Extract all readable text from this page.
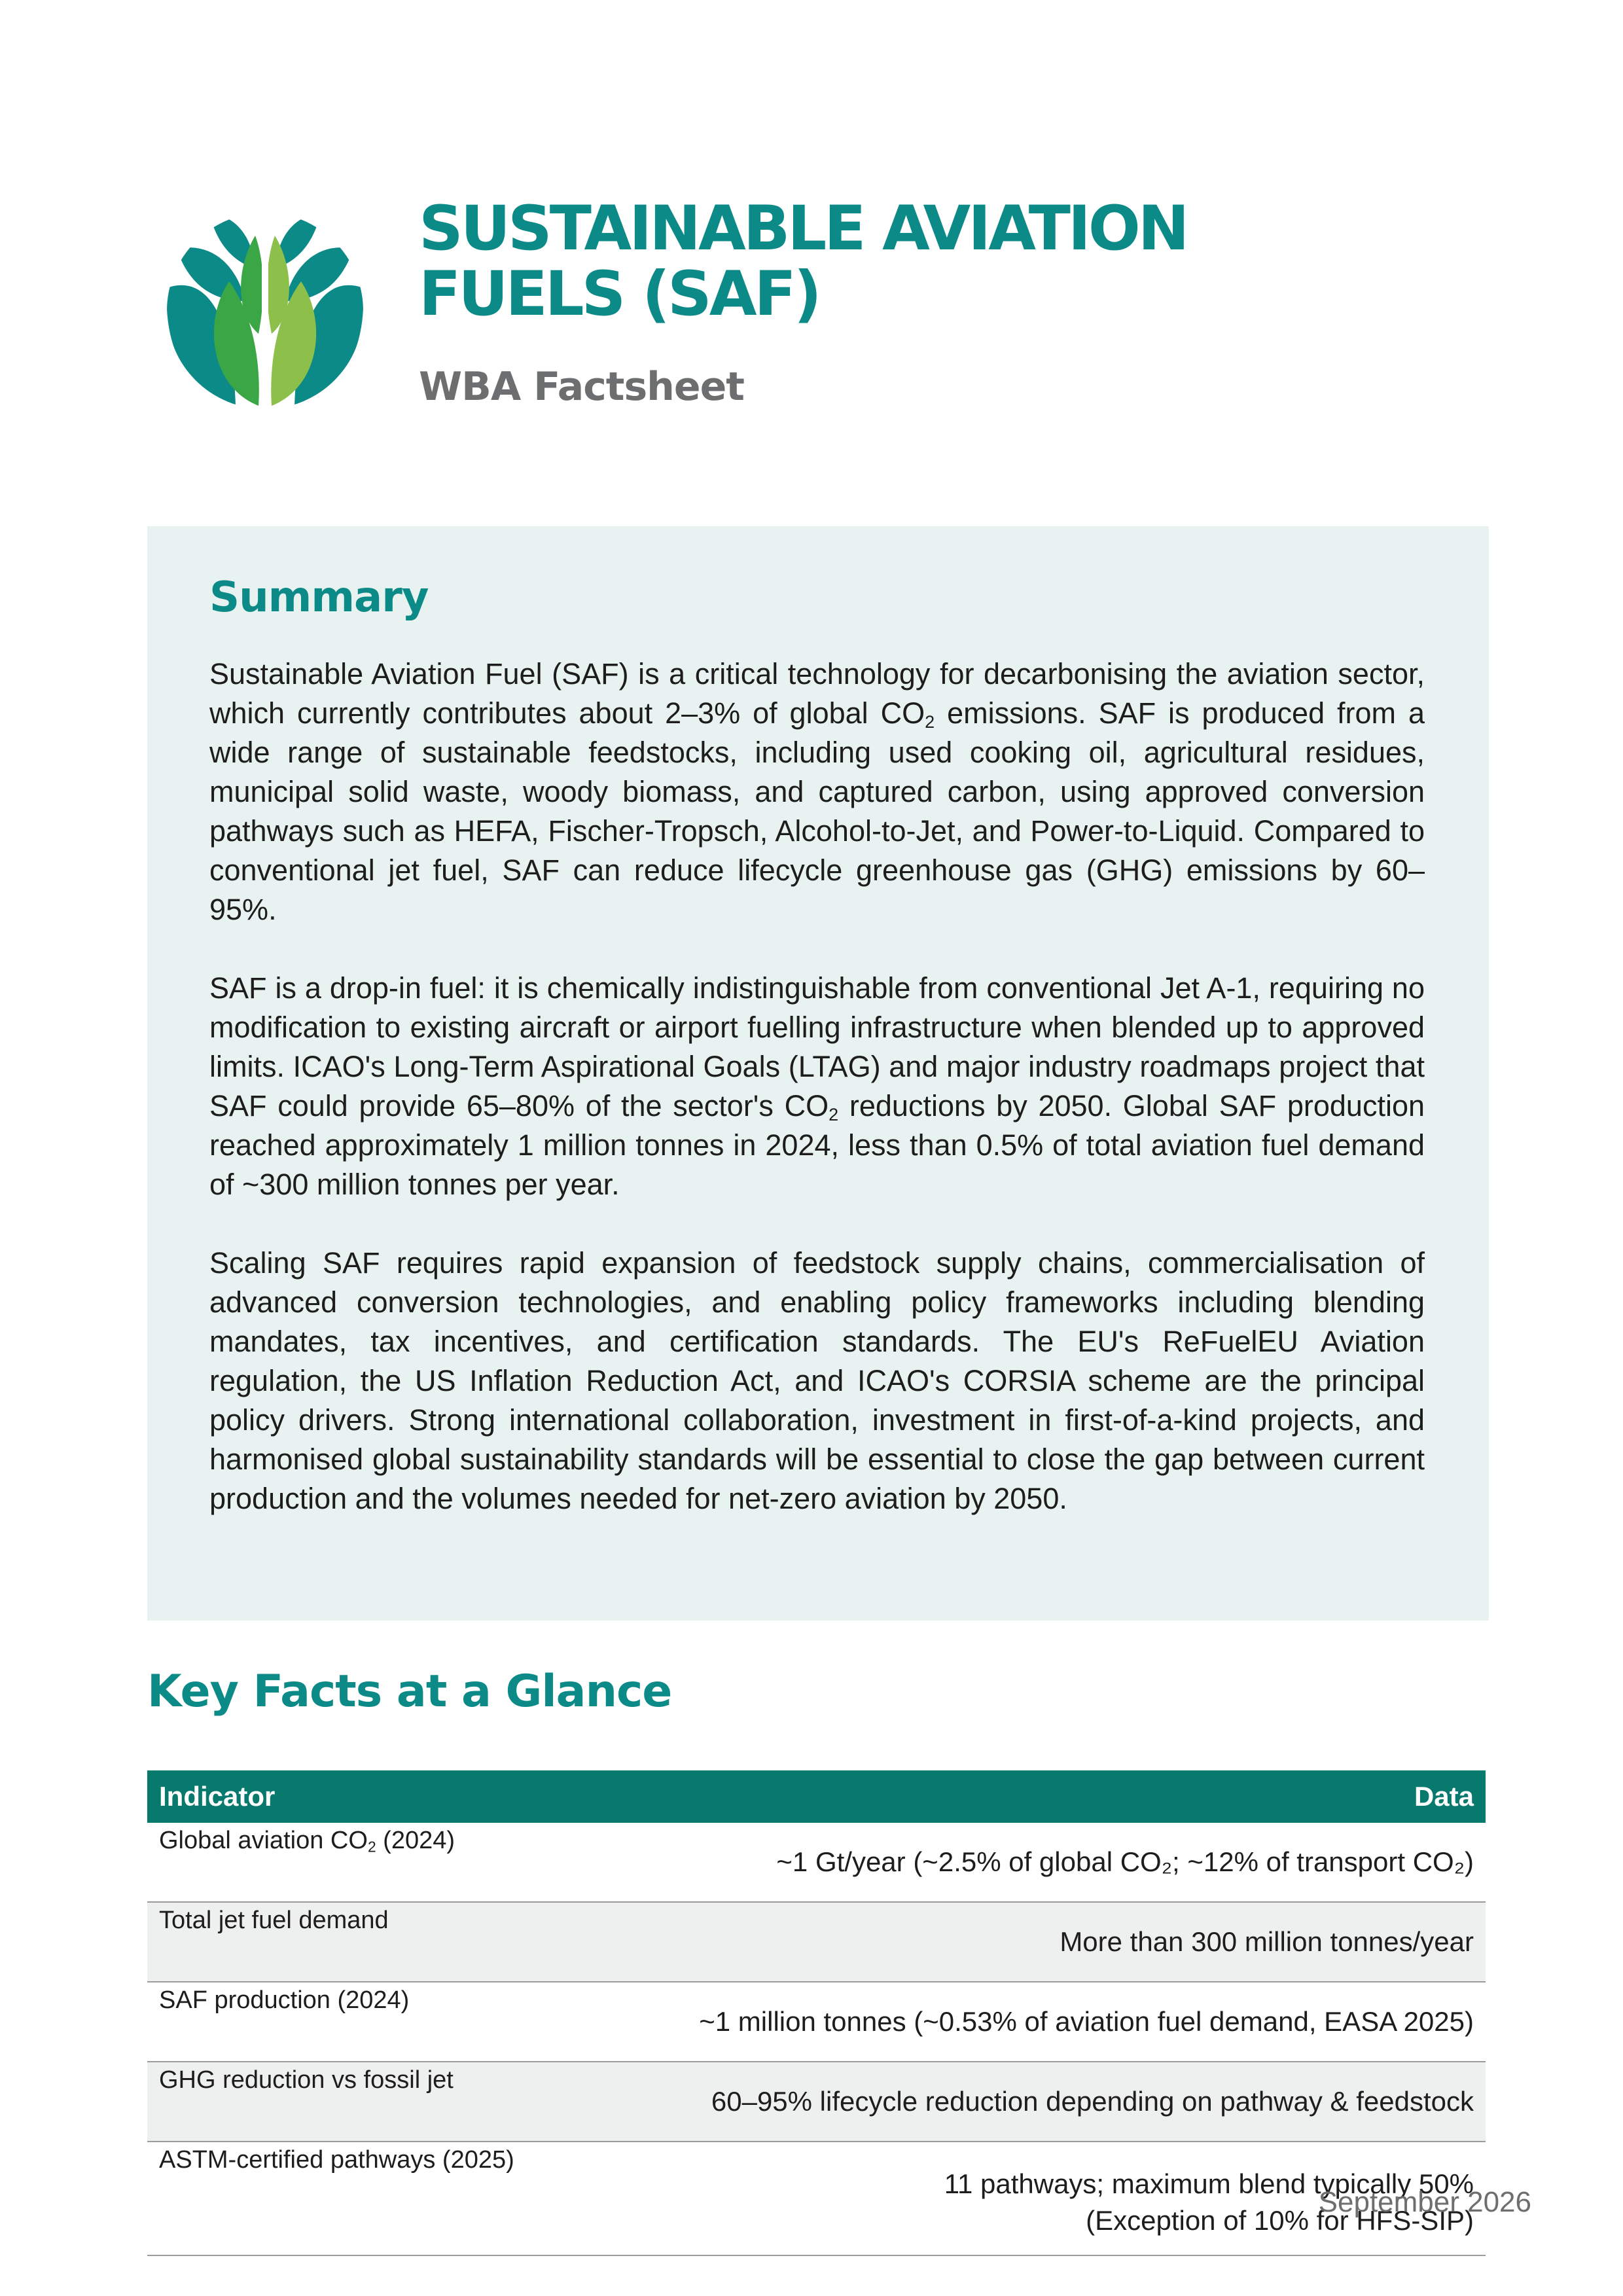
SUSTAINABLE AVIATION
FUELS (SAF)

WBA Factsheet

Summary

Sustainable Aviation Fuel (SAF) is a critical technology for decarbonising the aviation sector, which currently contributes about 2–3% of global $CO_2$ emissions. SAF is produced from a wide range of sustainable feedstocks, including used cooking oil, agricultural residues, municipal solid waste, woody biomass, and captured carbon, using approved conversion pathways such as HEFA, Fischer-Tropsch, Alcohol-to-Jet, and Power-to-Liquid. Compared to conventional jet fuel, SAF can reduce lifecycle greenhouse gas (GHG) emissions by 60–95%.

SAF is a drop-in fuel: it is chemically indistinguishable from conventional Jet A-1, requiring no modification to existing aircraft or airport fuelling infrastructure when blended up to approved limits. ICAO's Long-Term Aspirational Goals (LTAG) and major industry roadmaps project that SAF could provide 65–80% of the sector's $CO_2$ reductions by 2050. Global SAF production reached approximately 1 million tonnes in 2024, less than 0.5% of total aviation fuel demand of ~300 million tonnes per year.

Scaling SAF requires rapid expansion of feedstock supply chains, commercialisation of advanced conversion technologies, and enabling policy frameworks including blending mandates, tax incentives, and certification standards. The EU's ReFuelEU Aviation regulation, the US Inflation Reduction Act, and ICAO's CORSIA scheme are the principal policy drivers. Strong international collaboration, investment in first-of-a-kind projects, and harmonised global sustainability standards will be essential to close the gap between current production and the volumes needed for net-zero aviation by 2050.

Key Facts at a Glance
Indicator	Data
Global aviation $CO_2$ (2024)	~1 Gt/year (~2.5% of global CO₂; ~12% of transport CO₂)
Total jet fuel demand	More than 300 million tonnes/year
SAF production (2024)	~1 million tonnes (~0.53% of aviation fuel demand, EASA 2025)
GHG reduction vs fossil jet	60–95% lifecycle reduction depending on pathway & feedstock
ASTM-certified pathways (2025)	11 pathways; maximum blend typically 50%
(Exception of 10% for HFS-SIP)
September 2026
